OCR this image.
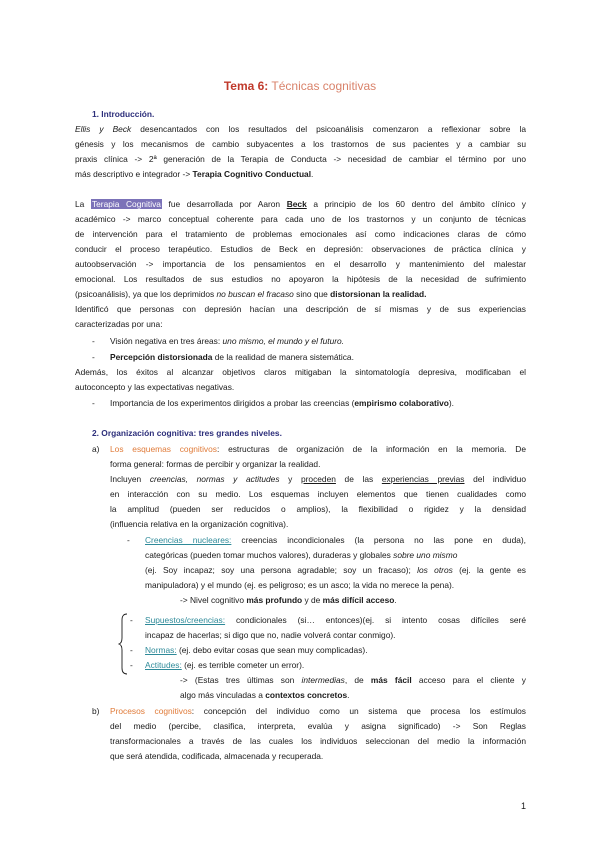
Tema 6: Técnicas cognitivas
1. Introducción.
Ellis y Beck desencantados con los resultados del psicoanálisis comenzaron a reflexionar sobre la
génesis y los mecanismos de cambio subyacentes a los trastornos de sus pacientes y a cambiar su
praxis clínica -> 2ª generación de la Terapia de Conducta -> necesidad de cambiar el término por uno
más descriptivo e integrador -> Terapia Cognitivo Conductual.
La Terapia Cognitiva fue desarrollada por Aaron Beck a principio de los 60 dentro del ámbito clínico y
académico -> marco conceptual coherente para cada uno de los trastornos y un conjunto de técnicas
de intervención para el tratamiento de problemas emocionales así como indicaciones claras de cómo
conducir el proceso terapéutico. Estudios de Beck en depresión: observaciones de práctica clínica y
autoobservación -> importancia de los pensamientos en el desarrollo y mantenimiento del malestar
emocional. Los resultados de sus estudios no apoyaron la hipótesis de la necesidad de sufrimiento
(psicoanálisis), ya que los deprimidos no buscan el fracaso sino que distorsionan la realidad.
Identificó que personas con depresión hacían una descripción de sí mismas y de sus experiencias
caracterizadas por una:
-	Visión negativa en tres áreas: uno mismo, el mundo y el futuro.
-	Percepción distorsionada de la realidad de manera sistemática.
Además, los éxitos al alcanzar objetivos claros mitigaban la sintomatología depresiva, modificaban el
autoconcepto y las expectativas negativas.
-	Importancia de los experimentos dirigidos a probar las creencias (empirismo colaborativo).
2. Organización cognitiva: tres grandes niveles.
a)	Los esquemas cognitivos: estructuras de organización de la información en la memoria. De
forma general: formas de percibir y organizar la realidad.
Incluyen creencias, normas y actitudes y proceden de las experiencias previas del individuo
en interacción con su medio. Los esquemas incluyen elementos que tienen cualidades como
la amplitud (pueden ser reducidos o amplios), la flexibilidad o rigidez y la densidad
(influencia relativa en la organización cognitiva).
-	Creencias nucleares: creencias incondicionales (la persona no las pone en duda),
categóricas (pueden tomar muchos valores), duraderas y globales sobre uno mismo
(ej. Soy incapaz; soy una persona agradable; soy un fracaso); los otros (ej. la gente es
manipuladora) y el mundo (ej. es peligroso; es un asco; la vida no merece la pena).
-> Nivel cognitivo más profundo y de más difícil acceso.
-	Supuestos/creencias: condicionales (si… entonces)(ej. si intento cosas difíciles seré
incapaz de hacerlas; si digo que no, nadie volverá contar conmigo).
-	Normas: (ej. debo evitar cosas que sean muy complicadas).
-	Actitudes: (ej. es terrible cometer un error).
-> (Estas tres últimas son intermedias, de más fácil acceso para el cliente y
algo más vinculadas a contextos concretos.
b)	Procesos cognitivos: concepción del individuo como un sistema que procesa los estímulos
del medio (percibe, clasifica, interpreta, evalúa y asigna significado) -> Son Reglas
transformacionales a través de las cuales los individuos seleccionan del medio la información
que será atendida, codificada, almacenada y recuperada.
1
